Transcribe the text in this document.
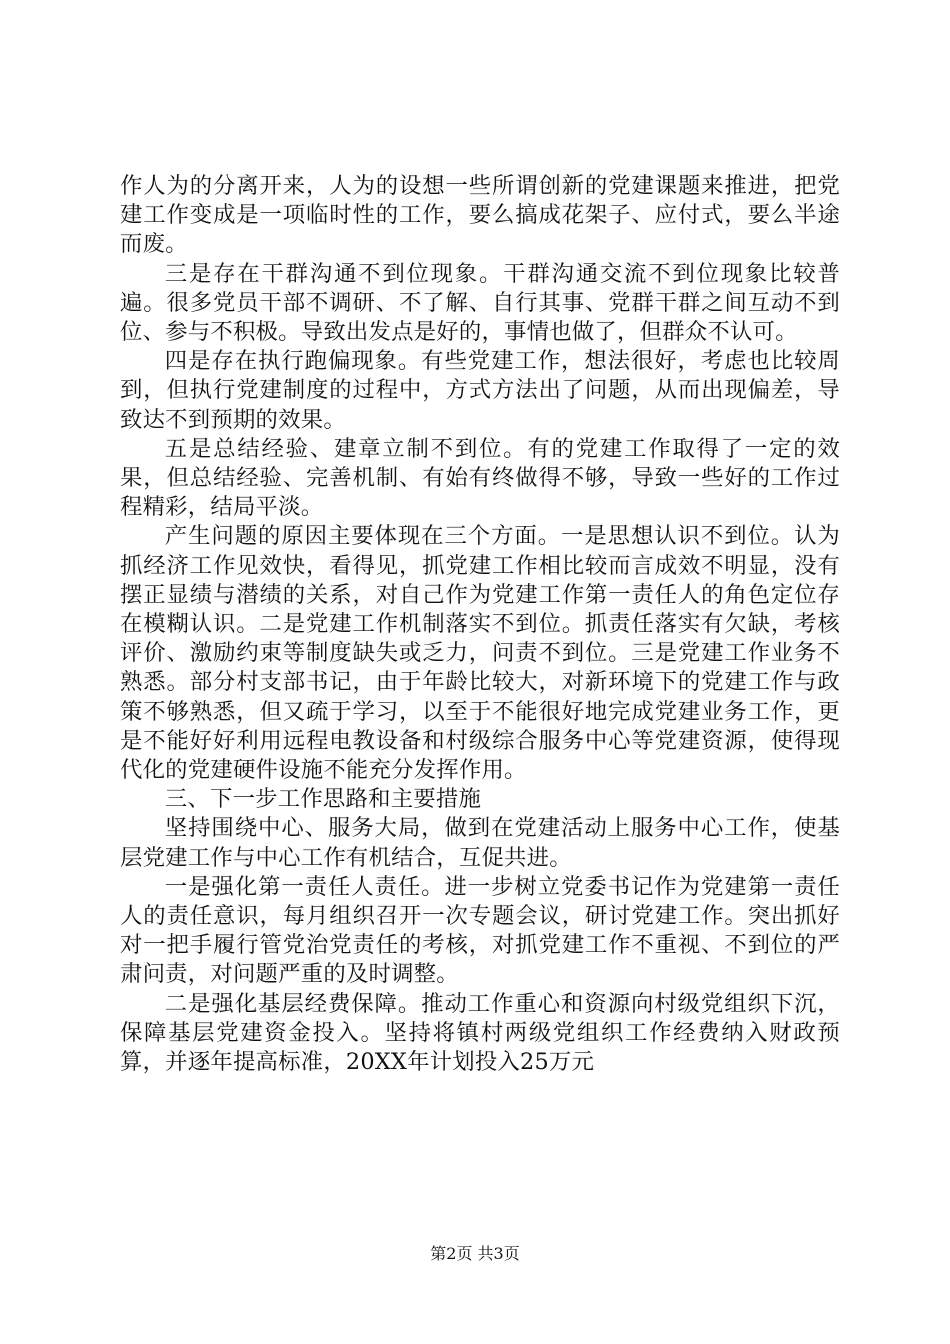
作人为的分离开来，人为的设想一些所谓创新的党建课题来推进，把党建工作变成是一项临时性的工作，要么搞成花架子、应付式，要么半途而废。

三是存在干群沟通不到位现象。干群沟通交流不到位现象比较普遍。很多党员干部不调研、不了解、自行其事、党群干群之间互动不到位、参与不积极。导致出发点是好的，事情也做了，但群众不认可。

四是存在执行跑偏现象。有些党建工作，想法很好，考虑也比较周到，但执行党建制度的过程中，方式方法出了问题，从而出现偏差，导致达不到预期的效果。

五是总结经验、建章立制不到位。有的党建工作取得了一定的效果，但总结经验、完善机制、有始有终做得不够，导致一些好的工作过程精彩，结局平淡。

产生问题的原因主要体现在三个方面。一是思想认识不到位。认为抓经济工作见效快，看得见，抓党建工作相比较而言成效不明显，没有摆正显绩与潜绩的关系，对自己作为党建工作第一责任人的角色定位存在模糊认识。二是党建工作机制落实不到位。抓责任落实有欠缺，考核评价、激励约束等制度缺失或乏力，问责不到位。三是党建工作业务不熟悉。部分村支部书记，由于年龄比较大，对新环境下的党建工作与政策不够熟悉，但又疏于学习，以至于不能很好地完成党建业务工作，更是不能好好利用远程电教设备和村级综合服务中心等党建资源，使得现代化的党建硬件设施不能充分发挥作用。

三、下一步工作思路和主要措施

坚持围绕中心、服务大局，做到在党建活动上服务中心工作，使基层党建工作与中心工作有机结合，互促共进。

一是强化第一责任人责任。进一步树立党委书记作为党建第一责任人的责任意识，每月组织召开一次专题会议，研讨党建工作。突出抓好对一把手履行管党治党责任的考核，对抓党建工作不重视、不到位的严肃问责，对问题严重的及时调整。

二是强化基层经费保障。推动工作重心和资源向村级党组织下沉，保障基层党建资金投入。坚持将镇村两级党组织工作经费纳入财政预算，并逐年提高标准，20XX年计划投入25万元

第2页 共3页
